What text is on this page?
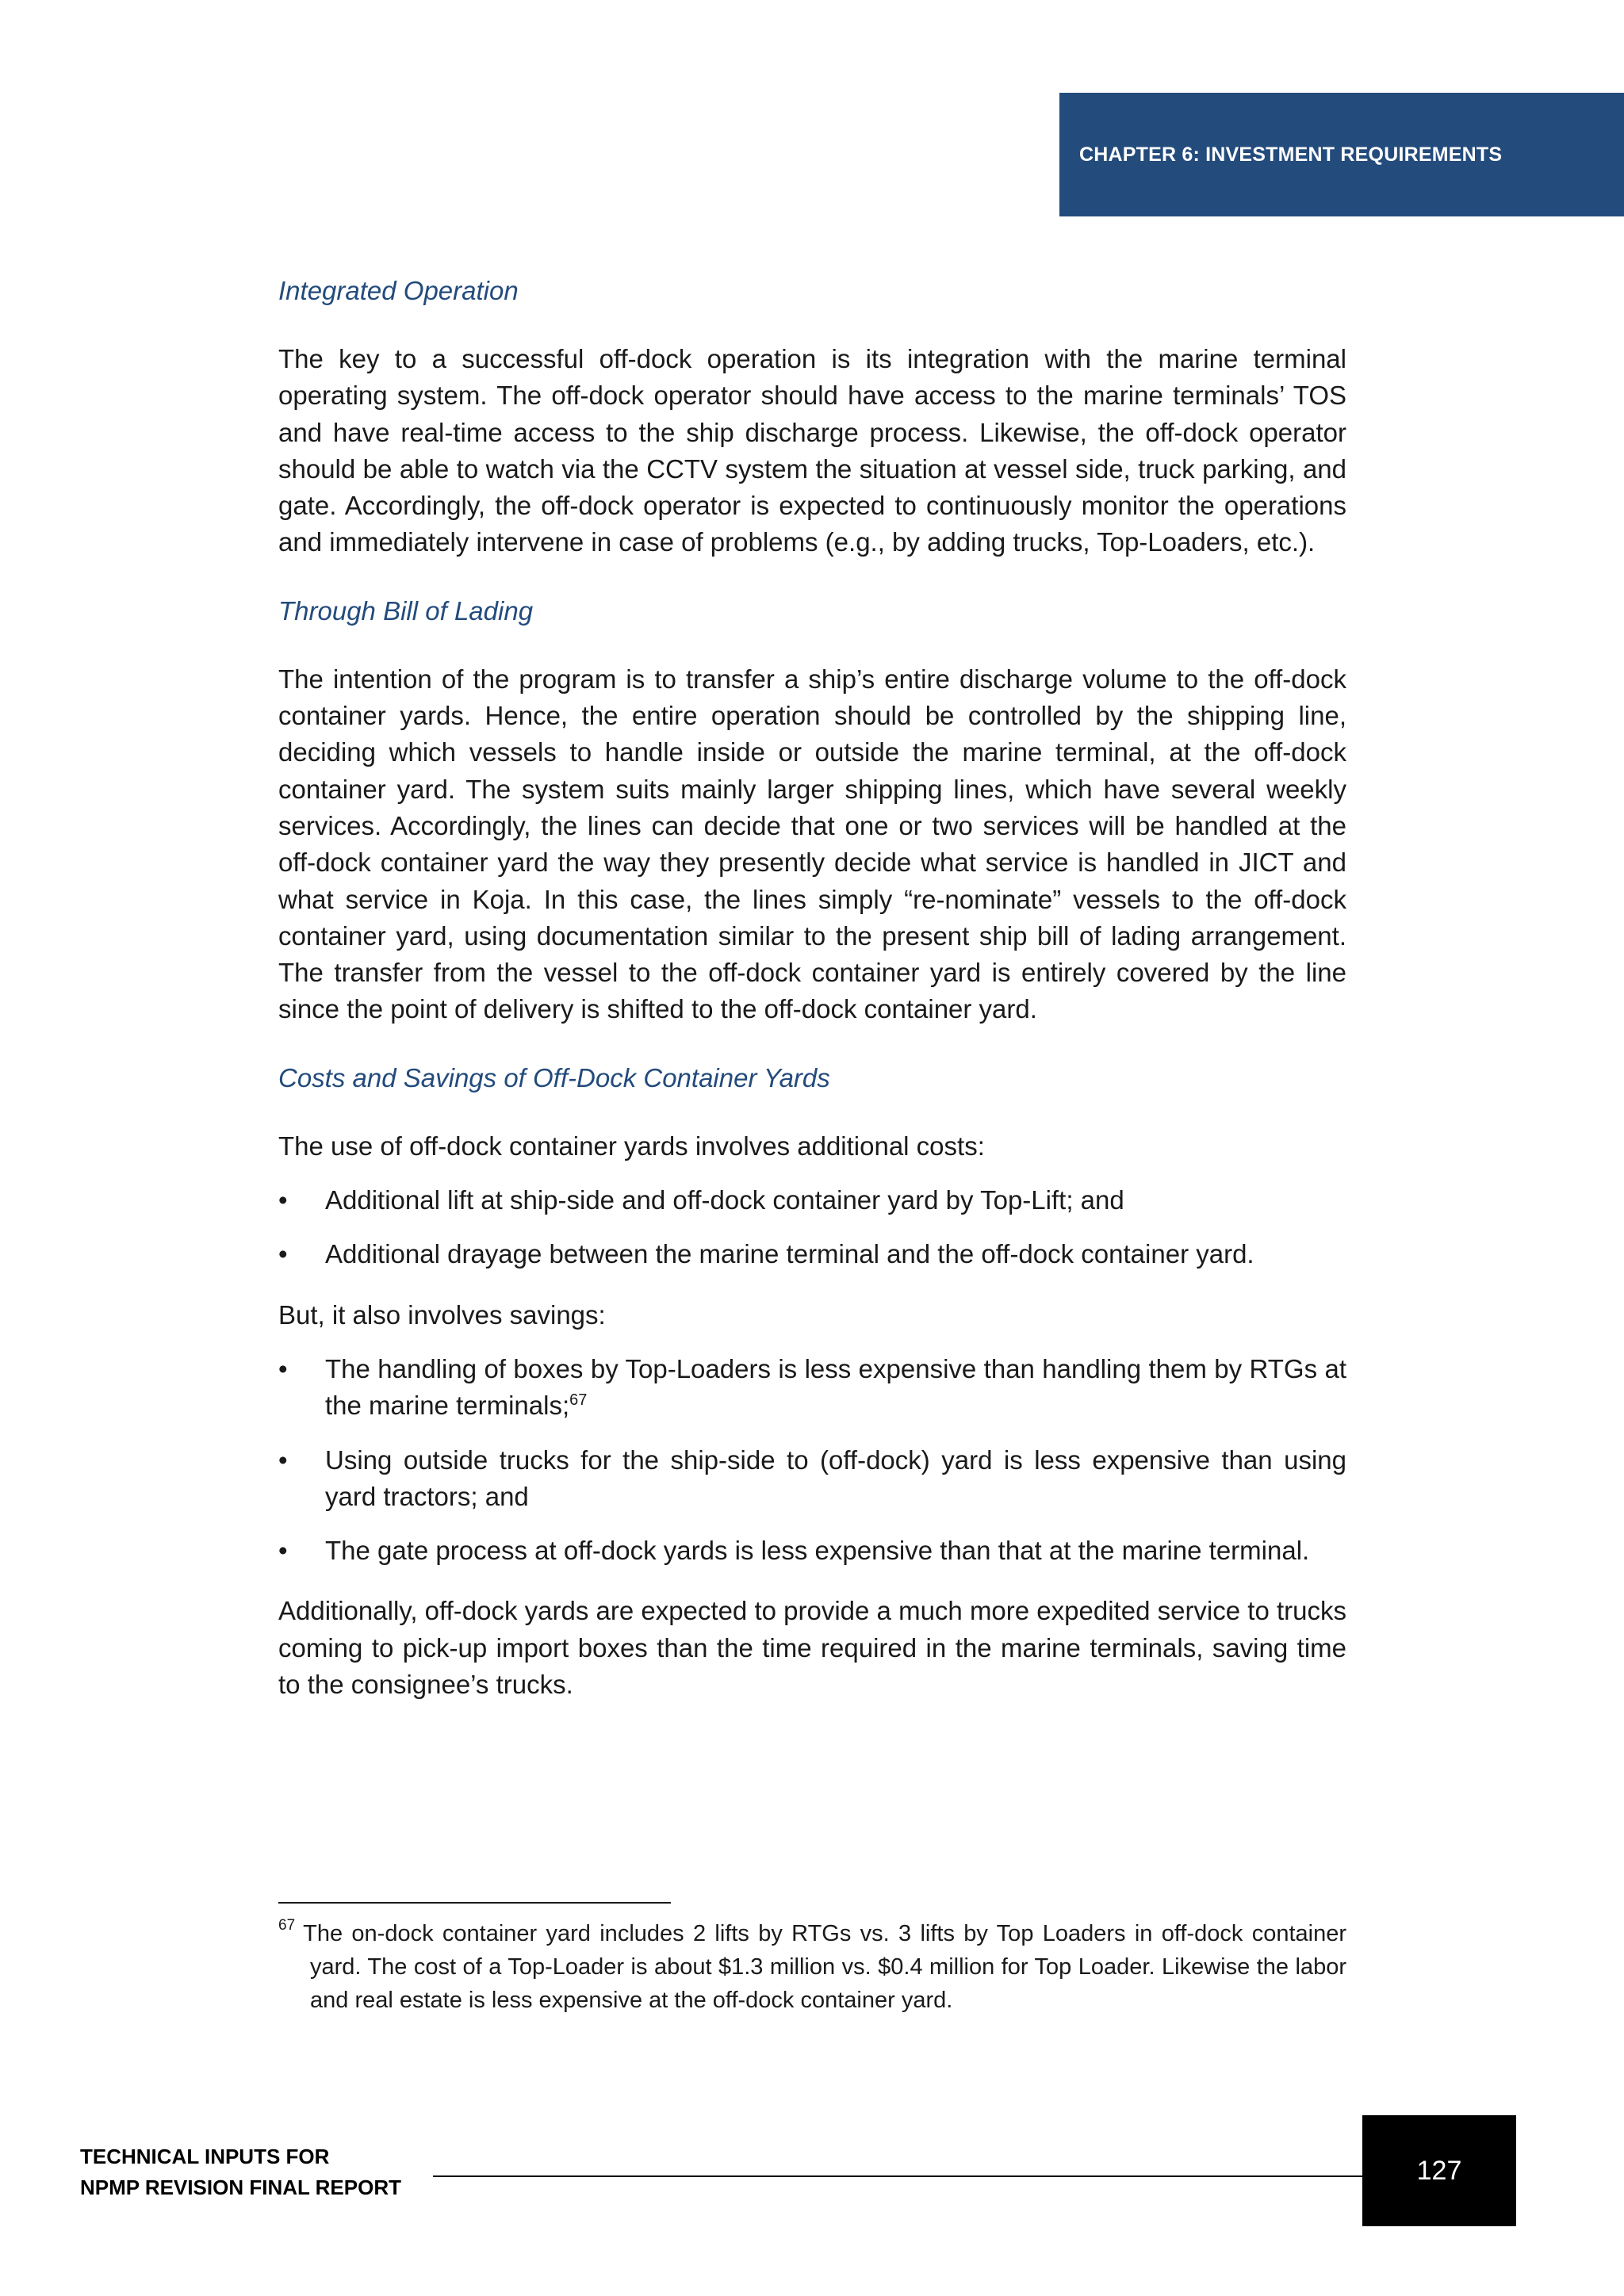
CHAPTER 6: INVESTMENT REQUIREMENTS
Integrated Operation

The key to a successful off-dock operation is its integration with the marine terminal operating system. The off-dock operator should have access to the marine terminals’ TOS and have real-time access to the ship discharge process. Likewise, the off-dock operator should be able to watch via the CCTV system the situation at vessel side, truck parking, and gate. Accordingly, the off-dock operator is expected to continuously monitor the operations and immediately intervene in case of problems (e.g., by adding trucks, Top-Loaders, etc.).

Through Bill of Lading

The intention of the program is to transfer a ship’s entire discharge volume to the off-dock container yards. Hence, the entire operation should be controlled by the shipping line, deciding which vessels to handle inside or outside the marine terminal, at the off-dock container yard. The system suits mainly larger shipping lines, which have several weekly services. Accordingly, the lines can decide that one or two services will be handled at the off-dock container yard the way they presently decide what service is handled in JICT and what service in Koja. In this case, the lines simply “re-nominate” vessels to the off-dock container yard, using documentation similar to the present ship bill of lading arrangement. The transfer from the vessel to the off-dock container yard is entirely covered by the line since the point of delivery is shifted to the off-dock container yard.

Costs and Savings of Off-Dock Container Yards

The use of off-dock container yards involves additional costs:

•	Additional lift at ship-side and off-dock container yard by Top-Lift; and
•	Additional drayage between the marine terminal and the off-dock container yard.

But, it also involves savings:

•	The handling of boxes by Top-Loaders is less expensive than handling them by RTGs at the marine terminals;$^{67}$
•	Using outside trucks for the ship-side to (off-dock) yard is less expensive than using yard tractors; and
•	The gate process at off-dock yards is less expensive than that at the marine terminal.

Additionally, off-dock yards are expected to provide a much more expedited service to trucks coming to pick-up import boxes than the time required in the marine terminals, saving time to the consignee’s trucks.

$^{67}$ The on-dock container yard includes 2 lifts by RTGs vs. 3 lifts by Top Loaders in off-dock container yard. The cost of a Top-Loader is about $1.3 million vs. $0.4 million for Top Loader. Likewise the labor and real estate is less expensive at the off-dock container yard.
TECHNICAL INPUTS FOR
NPMP REVISION FINAL REPORT
127
